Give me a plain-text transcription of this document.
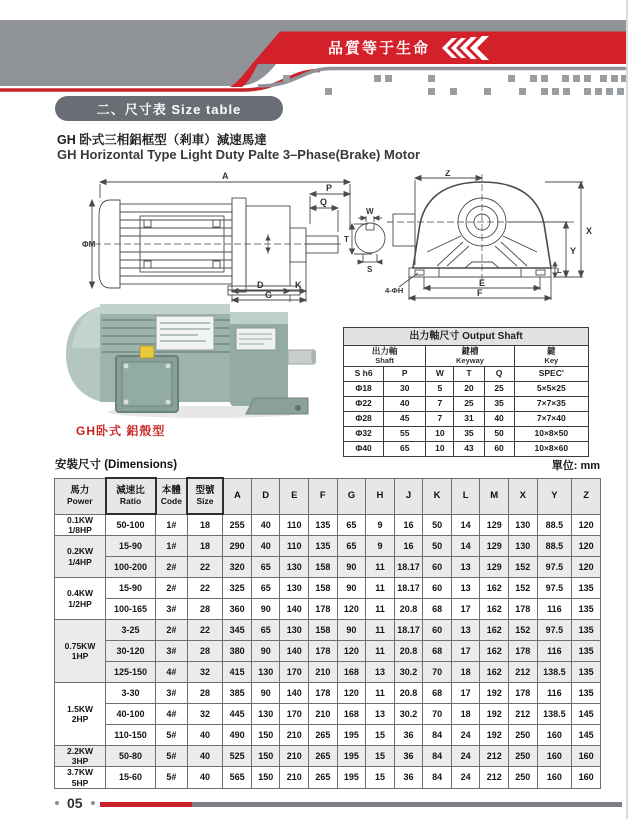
品質等于生命
二、尺寸表 Size table
GH 卧式三相鋁框型（剎車）減速馬達
GH Horizontal Type Light Duty Palte 3–Phase(Brake) Motor
A
P
Q
ΦM
D	K
G
W
T
S
Z
X
Y
L
E
F
4-ΦH
GH卧式 鋁殼型
出力軸尺寸 Output Shaft					
出力軸
Shaft		鍵槽
Keyway			鍵
Key

S h6	P	W	T	Q	SPEC'
Φ18	30	5	20	25	5×5×25
Φ22	40	7	25	35	7×7×35
Φ28	45	7	31	40	7×7×40
Φ32	55	10	35	50	10×8×50
Φ40	65	10	43	60	10×8×60
安裝尺寸 (Dimensions)	單位: mm
馬力
Power	減速比
Ratio	本體
Code	型號
Size	A	D	E	F	G	H	J	K	L	M	X	Y	Z

0.1KW
1/8HP	50-100	1#	18	255	40	110	135	65	9	16	50	14	129	130	88.5	120

0.2KW
1/4HP	15-90	1#	18	290	40	110	135	65	9	16	50	14	129	130	88.5	120
	100-200	2#	22	320	65	130	158	90	11	18.17	60	13	129	152	97.5	120

0.4KW
1/2HP	15-90	2#	22	325	65	130	158	90	11	18.17	60	13	162	152	97.5	135
	100-165	3#	28	360	90	140	178	120	11	20.8	68	17	162	178	116	135

0.75KW
1HP	3-25	2#	22	345	65	130	158	90	11	18.17	60	13	162	152	97.5	135
	30-120	3#	28	380	90	140	178	120	11	20.8	68	17	162	178	116	135
	125-150	4#	32	415	130	170	210	168	13	30.2	70	18	162	212	138.5	135

1.5KW
2HP	3-30	3#	28	385	90	140	178	120	11	20.8	68	17	192	178	116	135
	40-100	4#	32	445	130	170	210	168	13	30.2	70	18	192	212	138.5	145
	110-150	5#	40	490	150	210	265	195	15	36	84	24	192	250	160	145

2.2KW
3HP	50-80	5#	40	525	150	210	265	195	15	36	84	24	212	250	160	160

3.7KW
5HP	15-60	5#	40	565	150	210	265	195	15	36	84	24	212	250	160	160
05
